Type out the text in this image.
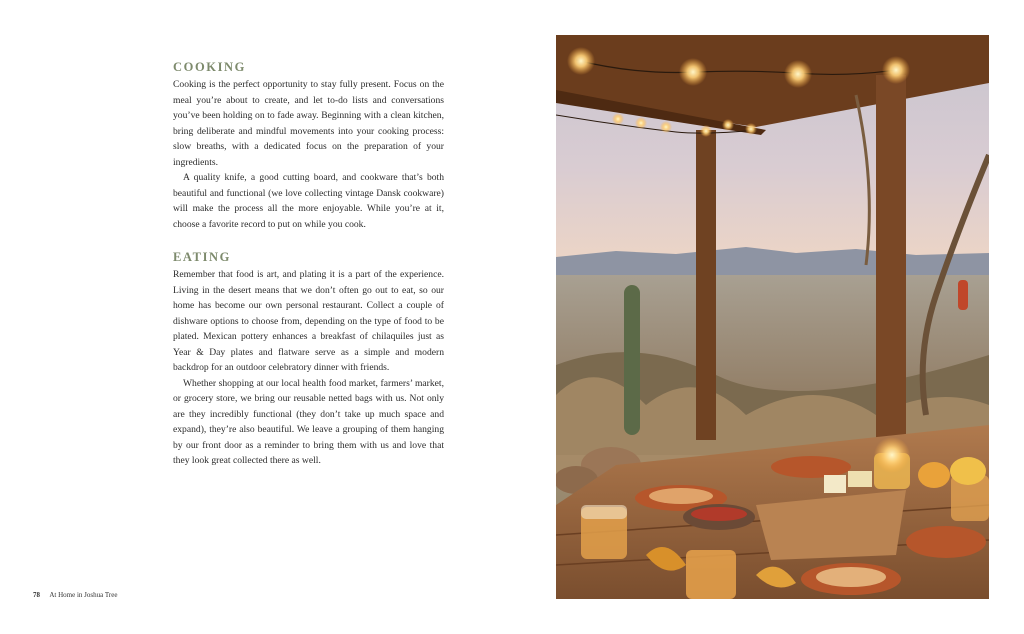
COOKING

Cooking is the perfect opportunity to stay fully present. Focus on the meal you’re about to create, and let to-do lists and conversations you’ve been holding on to fade away. Beginning with a clean kitchen, bring deliberate and mindful movements into your cooking process: slow breaths, with a dedicated focus on the preparation of your ingredients.

A quality knife, a good cutting board, and cookware that’s both beautiful and functional (we love collecting vintage Dansk cookware) will make the process all the more enjoyable. While you’re at it, choose a favorite record to put on while you cook.

EATING

Remember that food is art, and plating it is a part of the experience. Living in the desert means that we don’t often go out to eat, so our home has become our own personal restaurant. Collect a couple of dishware options to choose from, depending on the type of food to be plated. Mexican pottery enhances a breakfast of chilaquiles just as Year & Day plates and flatware serve as a simple and modern backdrop for an outdoor celebratory dinner with friends.

Whether shopping at our local health food market, farmers’ market, or grocery store, we bring our reusable netted bags with us. Not only are they incredibly functional (they don’t take up much space and expand), they’re also beautiful. We leave a grouping of them hanging by our front door as a reminder to bring them with us and love that they look great collected there as well.

78 At Home in Joshua Tree
